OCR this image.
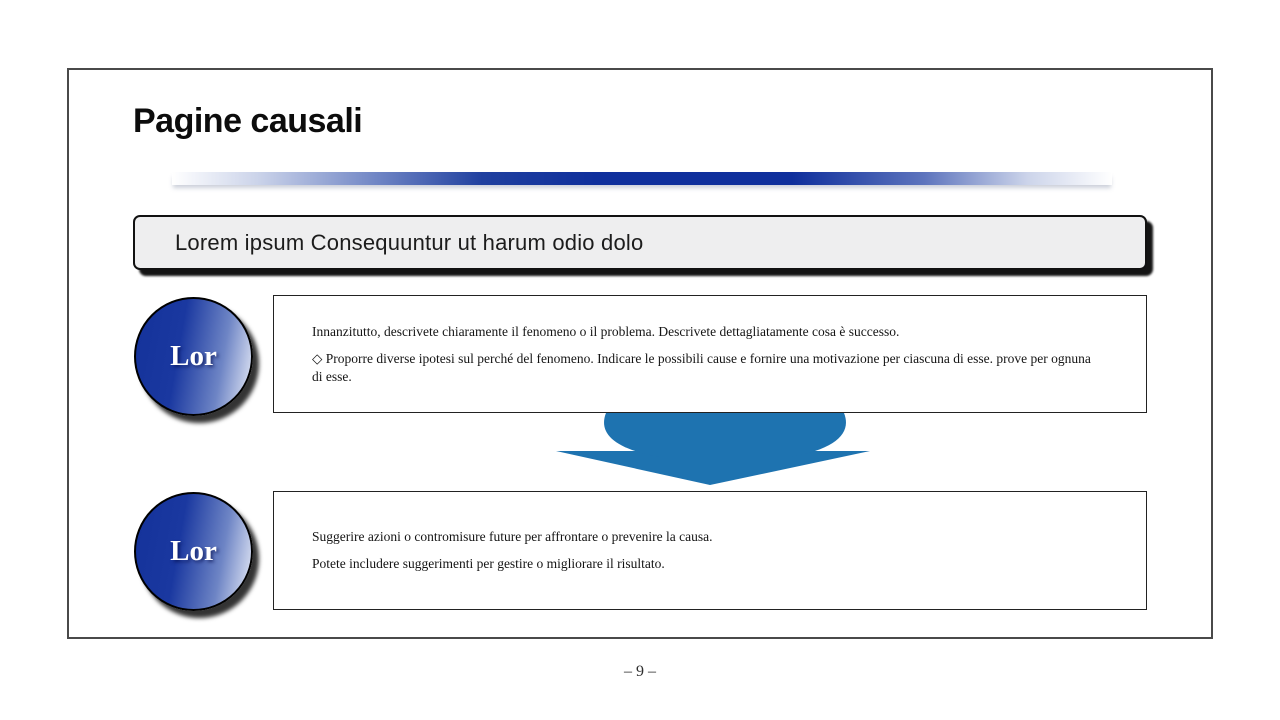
Pagine causali
Lorem ipsum Consequuntur ut harum odio dolo
Lor

Innanzitutto, descrivete chiaramente il fenomeno o il problema. Descrivete dettagliatamente cosa è successo.

◇ Proporre diverse ipotesi sul perché del fenomeno. Indicare le possibili cause e fornire una motivazione per ciascuna di esse. prove per ognuna di esse.

Lor	Suggerire azioni o contromisure future per affrontare o prevenire la causa.

Potete includere suggerimenti per gestire o migliorare il risultato.

– 9 –
